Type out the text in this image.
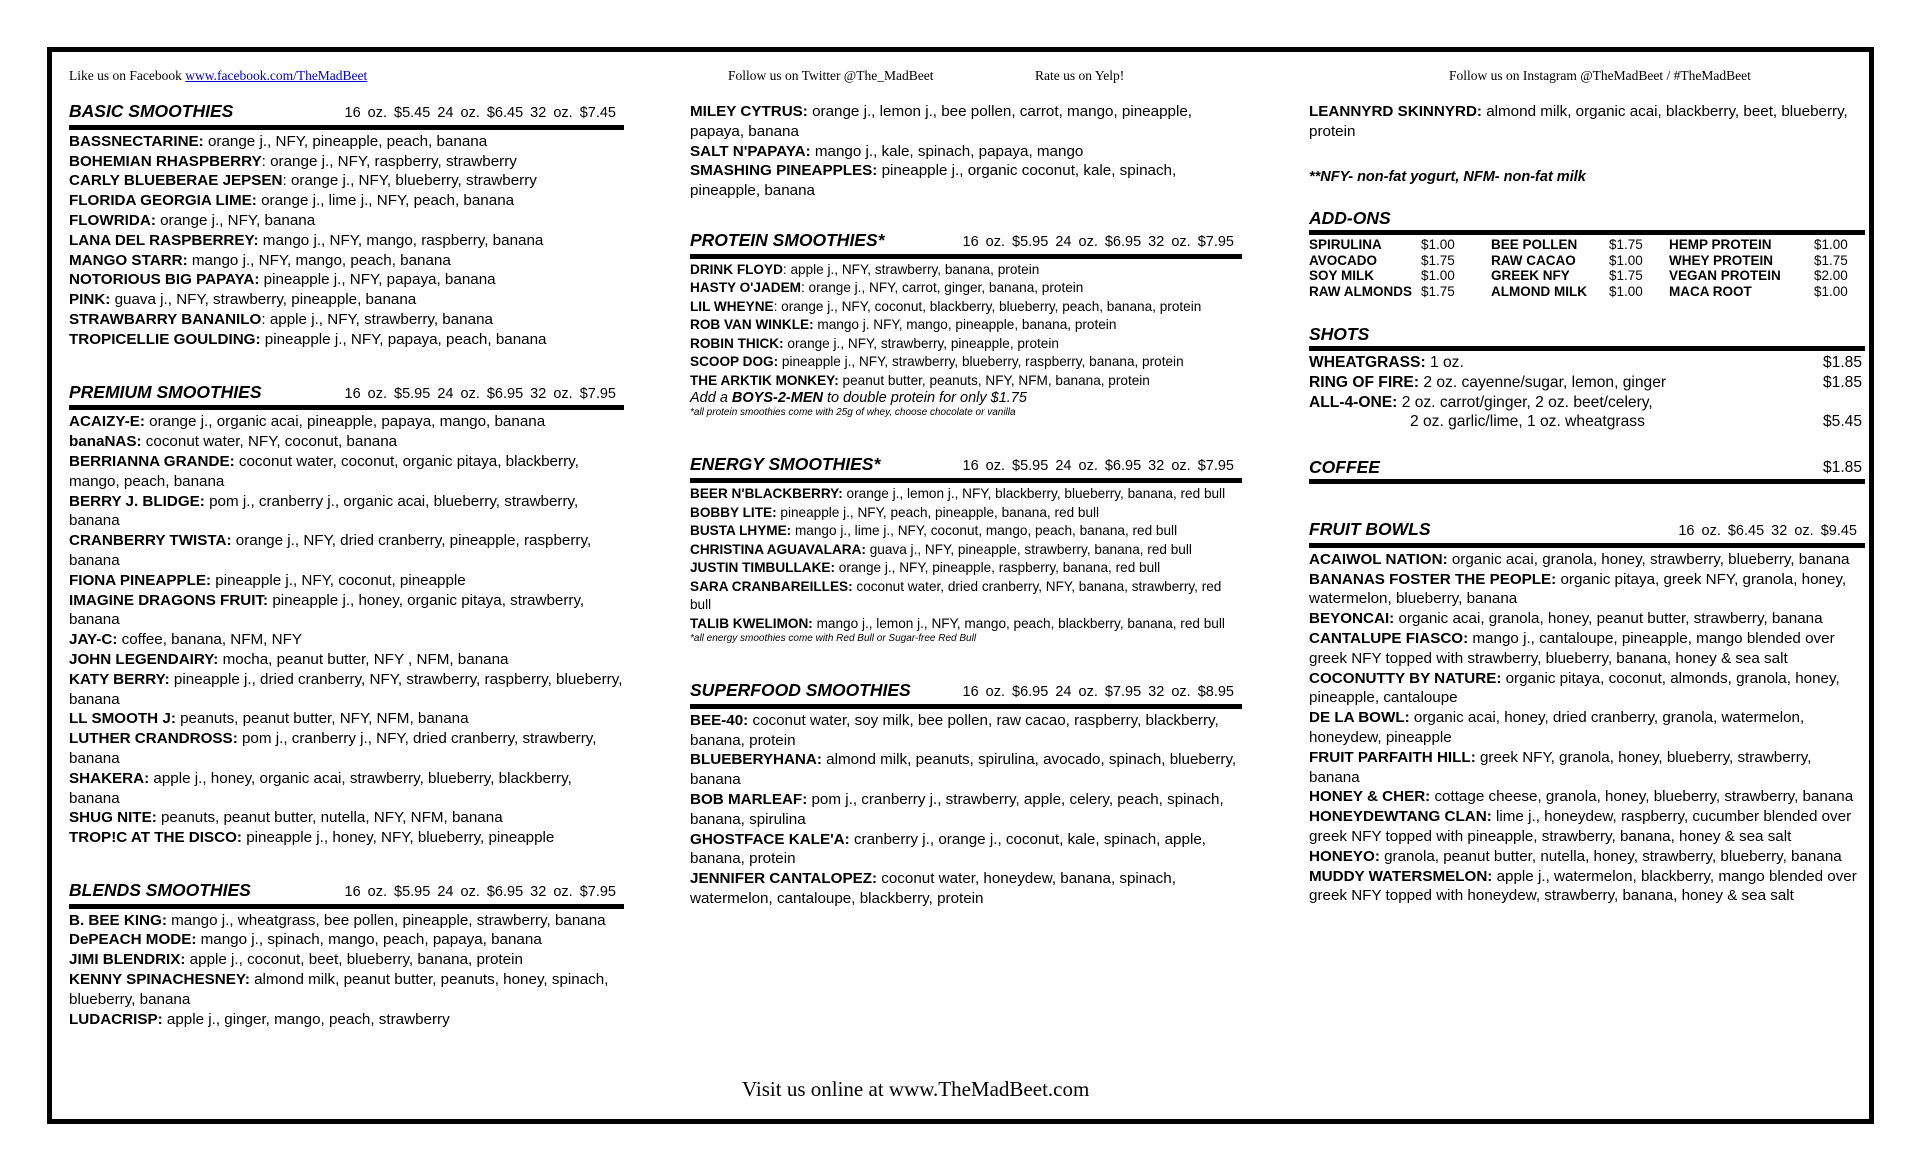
Like us on Facebook www.facebook.com/TheMadBeet	Follow us on Twitter @The_MadBeet	Rate us on Yelp!	Follow us on Instagram @TheMadBeet / #TheMadBeet
BASIC SMOOTHIES	16 oz. $5.45 24 oz. $6.45 32 oz. $7.45
BASSNECTARINE: orange j., NFY, pineapple, peach, banana
BOHEMIAN RHASPBERRY: orange j., NFY, raspberry, strawberry
CARLY BLUEBERAE JEPSEN: orange j., NFY, blueberry, strawberry
FLORIDA GEORGIA LIME: orange j., lime j., NFY, peach, banana
FLOWRIDA: orange j., NFY, banana
LANA DEL RASPBERREY: mango j., NFY, mango, raspberry, banana
MANGO STARR: mango j., NFY, mango, peach, banana
NOTORIOUS BIG PAPAYA: pineapple j., NFY, papaya, banana
PINK: guava j., NFY, strawberry, pineapple, banana
STRAWBARRY BANANILO: apple j., NFY, strawberry, banana
TROPICELLIE GOULDING: pineapple j., NFY, papaya, peach, banana
PREMIUM SMOOTHIES	16 oz. $5.95 24 oz. $6.95 32 oz. $7.95
ACAIZY-E: orange j., organic acai, pineapple, papaya, mango, banana
banaNAS: coconut water, NFY, coconut, banana
BERRIANNA GRANDE: coconut water, coconut, organic pitaya, blackberry, mango, peach, banana
BERRY J. BLIDGE: pom j., cranberry j., organic acai, blueberry, strawberry, banana
CRANBERRY TWISTA: orange j., NFY, dried cranberry, pineapple, raspberry, banana
FIONA PINEAPPLE: pineapple j., NFY, coconut, pineapple
IMAGINE DRAGONS FRUIT: pineapple j., honey, organic pitaya, strawberry, banana
JAY-C: coffee, banana, NFM, NFY
JOHN LEGENDAIRY: mocha, peanut butter, NFY , NFM, banana
KATY BERRY: pineapple j., dried cranberry, NFY, strawberry, raspberry, blueberry, banana
LL SMOOTH J: peanuts, peanut butter, NFY, NFM, banana
LUTHER CRANDROSS: pom j., cranberry j., NFY, dried cranberry, strawberry, banana
SHAKERA: apple j., honey, organic acai, strawberry, blueberry, blackberry, banana
SHUG NITE: peanuts, peanut butter, nutella, NFY, NFM, banana
TROP!C AT THE DISCO: pineapple j., honey, NFY, blueberry, pineapple
BLENDS SMOOTHIES	16 oz. $5.95 24 oz. $6.95 32 oz. $7.95
B. BEE KING: mango j., wheatgrass, bee pollen, pineapple, strawberry, banana
DePEACH MODE: mango j., spinach, mango, peach, papaya, banana
JIMI BLENDRIX: apple j., coconut, beet, blueberry, banana, protein
KENNY SPINACHESNEY: almond milk, peanut butter, peanuts, honey, spinach, blueberry, banana
LUDACRISP: apple j., ginger, mango, peach, strawberry
MILEY CYTRUS: orange j., lemon j., bee pollen, carrot, mango, pineapple, papaya, banana
SALT N'PAPAYA: mango j., kale, spinach, papaya, mango
SMASHING PINEAPPLES: pineapple j., organic coconut, kale, spinach, pineapple, banana
PROTEIN SMOOTHIES*	16 oz. $5.95 24 oz. $6.95 32 oz. $7.95
DRINK FLOYD: apple j., NFY, strawberry, banana, protein
HASTY O'JADEM: orange j., NFY, carrot, ginger, banana, protein
LIL WHEYNE: orange j., NFY, coconut, blackberry, blueberry, peach, banana, protein
ROB VAN WINKLE: mango j. NFY, mango, pineapple, banana, protein
ROBIN THICK: orange j., NFY, strawberry, pineapple, protein
SCOOP DOG: pineapple j., NFY, strawberry, blueberry, raspberry, banana, protein
THE ARKTIK MONKEY: peanut butter, peanuts, NFY, NFM, banana, protein
Add a BOYS-2-MEN to double protein for only $1.75
*all protein smoothies come with 25g of whey, choose chocolate or vanilla
ENERGY SMOOTHIES*	16 oz. $5.95 24 oz. $6.95 32 oz. $7.95
BEER N'BLACKBERRY: orange j., lemon j., NFY, blackberry, blueberry, banana, red bull
BOBBY LITE: pineapple j., NFY, peach, pineapple, banana, red bull
BUSTA LHYME: mango j., lime j., NFY, coconut, mango, peach, banana, red bull
CHRISTINA AGUAVALARA: guava j., NFY, pineapple, strawberry, banana, red bull
JUSTIN TIMBULLAKE: orange j., NFY, pineapple, raspberry, banana, red bull
SARA CRANBAREILLES: coconut water, dried cranberry, NFY, banana, strawberry, red bull
TALIB KWELIMON: mango j., lemon j., NFY, mango, peach, blackberry, banana, red bull
*all energy smoothies come with Red Bull or Sugar-free Red Bull
SUPERFOOD SMOOTHIES	16 oz. $6.95 24 oz. $7.95 32 oz. $8.95
BEE-40: coconut water, soy milk, bee pollen, raw cacao, raspberry, blackberry, banana, protein
BLUEBERYHANA: almond milk, peanuts, spirulina, avocado, spinach, blueberry, banana
BOB MARLEAF: pom j., cranberry j., strawberry, apple, celery, peach, spinach, banana, spirulina
GHOSTFACE KALE'A: cranberry j., orange j., coconut, kale, spinach, apple, banana, protein
JENNIFER CANTALOPEZ: coconut water, honeydew, banana, spinach, watermelon, cantaloupe, blackberry, protein
LEANNYRD SKINNYRD: almond milk, organic acai, blackberry, beet, blueberry, protein
**NFY- non-fat yogurt, NFM- non-fat milk
ADD-ONS
SPIRULINA	$1.00	BEE POLLEN	$1.75	HEMP PROTEIN	$1.00
AVOCADO	$1.75	RAW CACAO	$1.00	WHEY PROTEIN	$1.75
SOY MILK	$1.00	GREEK NFY	$1.75	VEGAN PROTEIN	$2.00
RAW ALMONDS $1.75	ALMOND MILK	$1.00	MACA ROOT	$1.00
SHOTS
WHEATGRASS: 1 oz.	$1.85
RING OF FIRE: 2 oz. cayenne/sugar, lemon, ginger	$1.85
ALL-4-ONE: 2 oz. carrot/ginger, 2 oz. beet/celery,
2 oz. garlic/lime, 1 oz. wheatgrass	$5.45
COFFEE	$1.85
FRUIT BOWLS	16 oz. $6.45 32 oz. $9.45
ACAIWOL NATION: organic acai, granola, honey, strawberry, blueberry, banana
BANANAS FOSTER THE PEOPLE: organic pitaya, greek NFY, granola, honey, watermelon, blueberry, banana
BEYONCAI: organic acai, granola, honey, peanut butter, strawberry, banana
CANTALUPE FIASCO: mango j., cantaloupe, pineapple, mango blended over greek NFY topped with strawberry, blueberry, banana, honey & sea salt
COCONUTTY BY NATURE: organic pitaya, coconut, almonds, granola, honey, pineapple, cantaloupe
DE LA BOWL: organic acai, honey, dried cranberry, granola, watermelon, honeydew, pineapple
FRUIT PARFAITH HILL: greek NFY, granola, honey, blueberry, strawberry, banana
HONEY & CHER: cottage cheese, granola, honey, blueberry, strawberry, banana
HONEYDEWTANG CLAN: lime j., honeydew, raspberry, cucumber blended over greek NFY topped with pineapple, strawberry, banana, honey & sea salt
HONEYO: granola, peanut butter, nutella, honey, strawberry, blueberry, banana
MUDDY WATERSMELON: apple j., watermelon, blackberry, mango blended over greek NFY topped with honeydew, strawberry, banana, honey & sea salt
Visit us online at www.TheMadBeet.com
